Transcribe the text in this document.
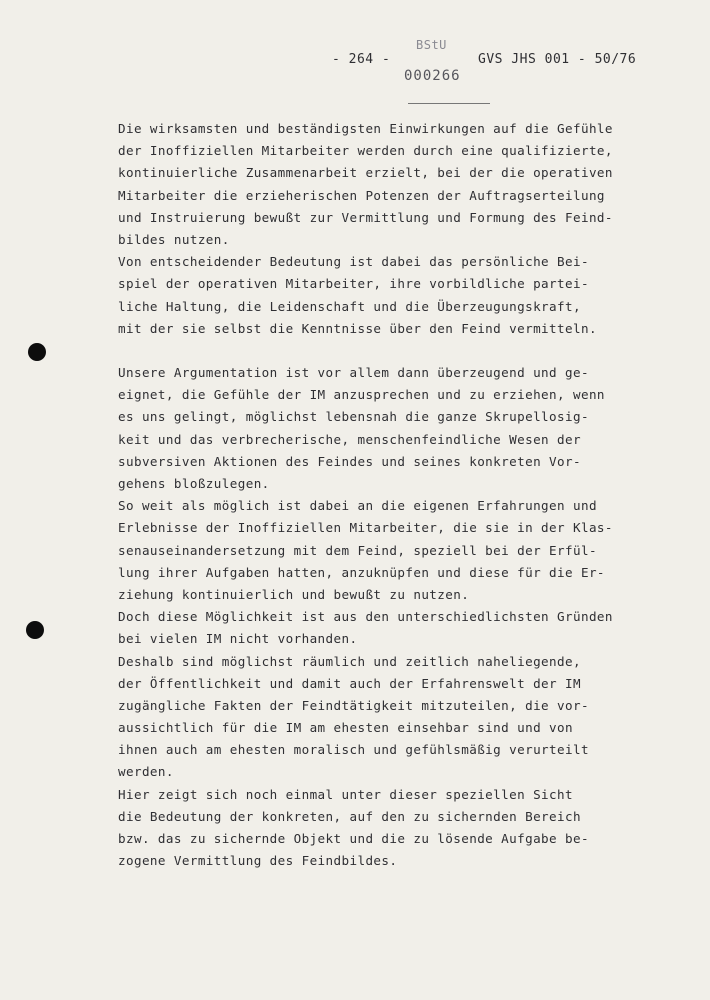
- 264 -
BStU
000266
GVS JHS 001 - 50/76
Die wirksamsten und beständigsten Einwirkungen auf die Gefühle
der Inoffiziellen Mitarbeiter werden durch eine qualifizierte,
kontinuierliche Zusammenarbeit erzielt, bei der die operativen
Mitarbeiter die erzieherischen Potenzen der Auftragserteilung
und Instruierung bewußt zur Vermittlung und Formung des Feind-
bildes nutzen.
Von entscheidender Bedeutung ist dabei das persönliche Bei-
spiel der operativen Mitarbeiter, ihre vorbildliche partei-
liche Haltung, die Leidenschaft und die Überzeugungskraft,
mit der sie selbst die Kenntnisse über den Feind vermitteln.
Unsere Argumentation ist vor allem dann überzeugend und ge-
eignet, die Gefühle der IM anzusprechen und zu erziehen, wenn
es uns gelingt, möglichst lebensnah die ganze Skrupellosig-
keit und das verbrecherische, menschenfeindliche Wesen der
subversiven Aktionen des Feindes und seines konkreten Vor-
gehens bloßzulegen.
So weit als möglich ist dabei an die eigenen Erfahrungen und
Erlebnisse der Inoffiziellen Mitarbeiter, die sie in der Klas-
senauseinandersetzung mit dem Feind, speziell bei der Erfül-
lung ihrer Aufgaben hatten, anzuknüpfen und diese für die Er-
ziehung kontinuierlich und bewußt zu nutzen.
Doch diese Möglichkeit ist aus den unterschiedlichsten Gründen
bei vielen IM nicht vorhanden.
Deshalb sind möglichst räumlich und zeitlich naheliegende,
der Öffentlichkeit und damit auch der Erfahrenswelt der IM
zugängliche Fakten der Feindtätigkeit mitzuteilen, die vor-
aussichtlich für die IM am ehesten einsehbar sind und von
ihnen auch am ehesten moralisch und gefühlsmäßig verurteilt
werden.
Hier zeigt sich noch einmal unter dieser speziellen Sicht
die Bedeutung der konkreten, auf den zu sichernden Bereich
bzw. das zu sichernde Objekt und die zu lösende Aufgabe be-
zogene Vermittlung des Feindbildes.
